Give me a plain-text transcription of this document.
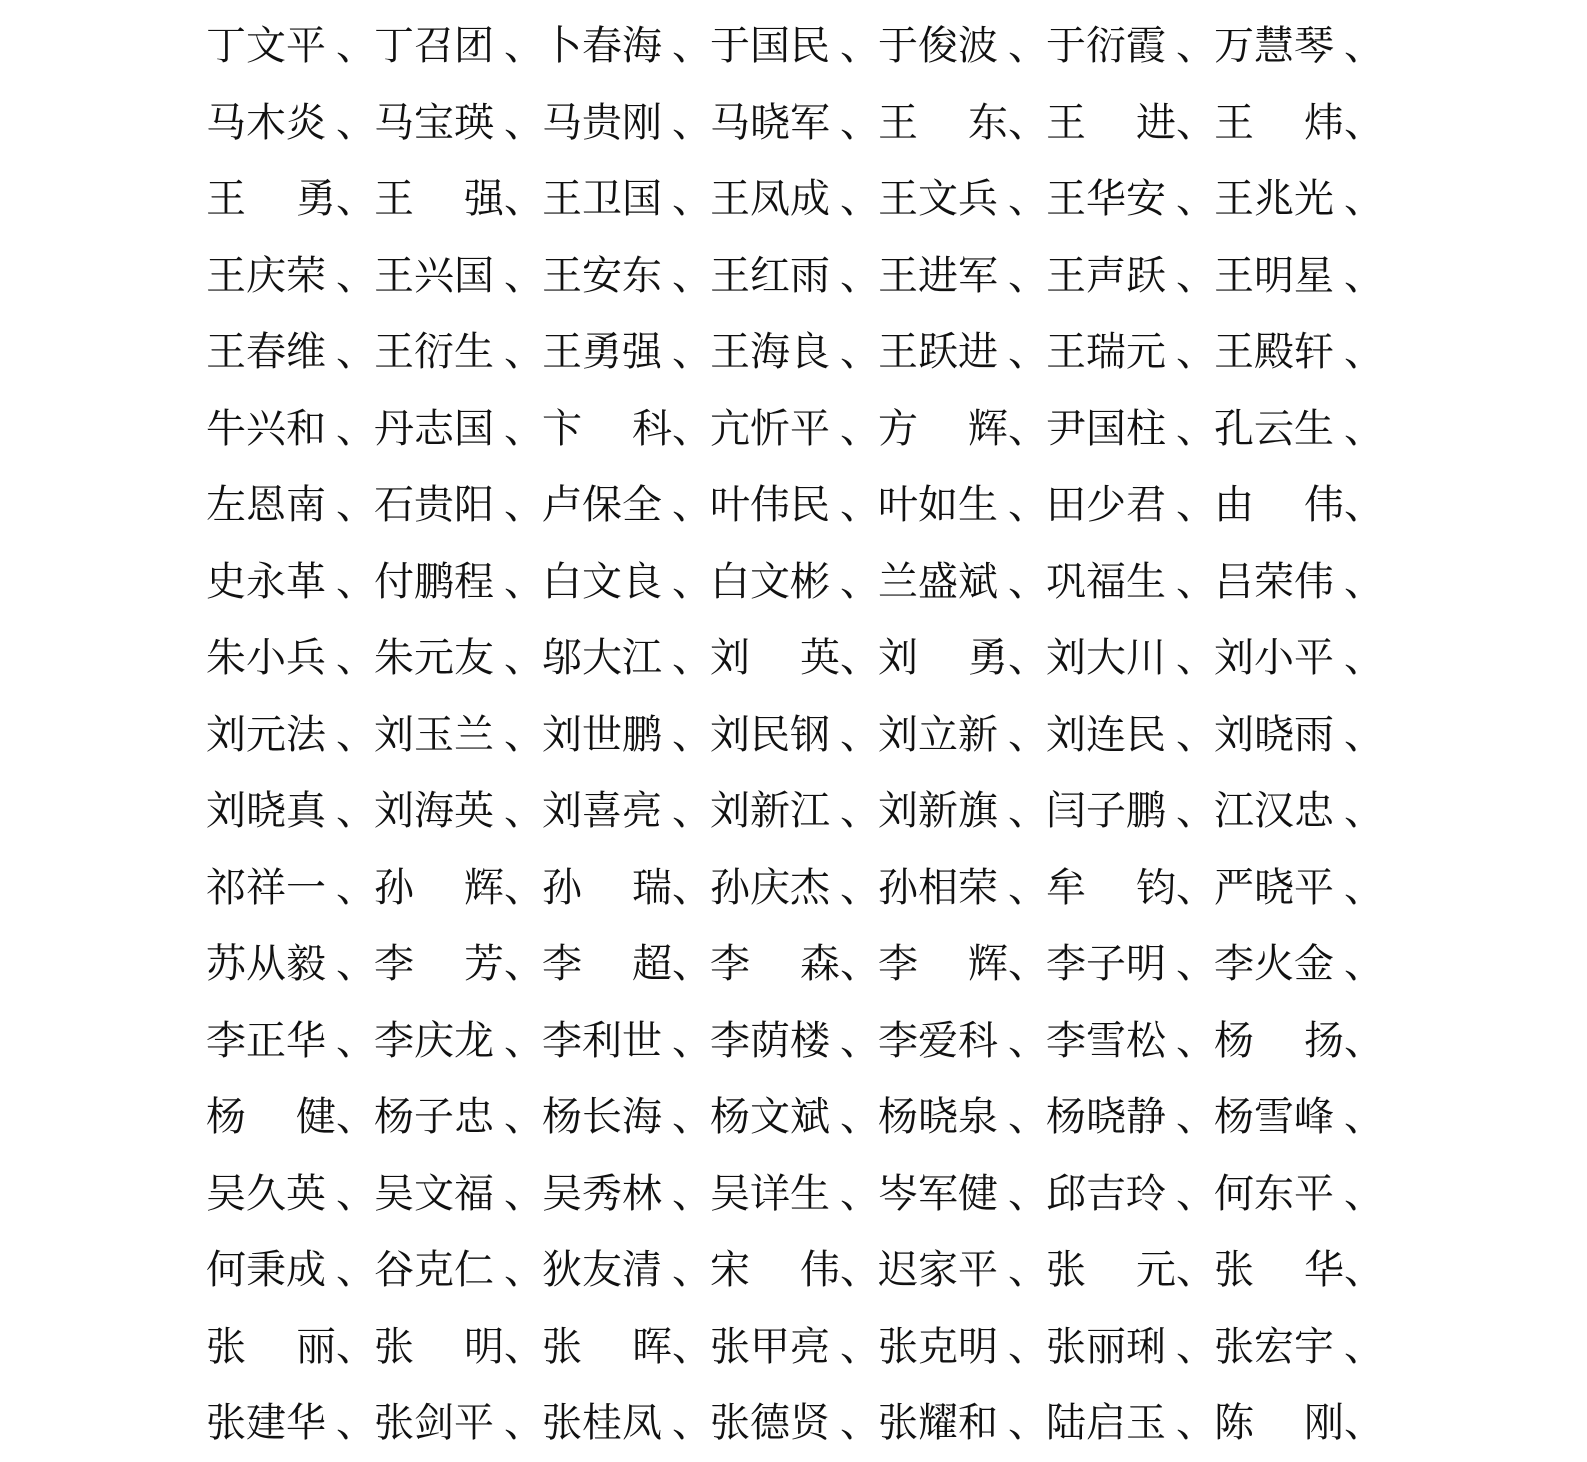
丁文平 、
丁召团 、
卜春海 、
于国民 、
于俊波 、
于衍霞 、
万慧琴 、
马木炎 、
马宝瑛 、
马贵刚 、
马晓军 、
王 东 、
王 进 、
王 炜 、
王 勇 、
王 强 、
王卫国 、
王凤成 、
王文兵 、
王华安 、
王兆光 、
王庆荣 、
王兴国 、
王安东 、
王红雨 、
王进军 、
王声跃 、
王明星 、
王春维 、
王衍生 、
王勇强 、
王海良 、
王跃进 、
王瑞元 、
王殿轩 、
牛兴和 、
丹志国 、
卞 科 、
亢忻平 、
方 辉 、
尹国柱 、
孔云生 、
左恩南 、
石贵阳 、
卢保全 、
叶伟民 、
叶如生 、
田少君 、
由 伟 、
史永革 、
付鹏程 、
白文良 、
白文彬 、
兰盛斌 、
巩福生 、
吕荣伟 、
朱小兵 、
朱元友 、
邬大江 、
刘 英 、
刘 勇 、
刘大川 、
刘小平 、
刘元法 、
刘玉兰 、
刘世鹏 、
刘民钢 、
刘立新 、
刘连民 、
刘晓雨 、
刘晓真 、
刘海英 、
刘喜亮 、
刘新江 、
刘新旗 、
闫子鹏 、
江汉忠 、
祁祥一 、
孙 辉 、
孙 瑞 、
孙庆杰 、
孙相荣 、
牟 钧 、
严晓平 、
苏从毅 、
李 芳 、
李 超 、
李 森 、
李 辉 、
李子明 、
李火金 、
李正华 、
李庆龙 、
李利世 、
李荫楼 、
李爱科 、
李雪松 、
杨 扬 、
杨 健 、
杨子忠 、
杨长海 、
杨文斌 、
杨晓泉 、
杨晓静 、
杨雪峰 、
吴久英 、
吴文福 、
吴秀林 、
吴详生 、
岑军健 、
邱吉玲 、
何东平 、
何秉成 、
谷克仁 、
狄友清 、
宋 伟 、
迟家平 、
张 元 、
张 华 、
张 丽 、
张 明 、
张 晖 、
张甲亮 、
张克明 、
张丽琍 、
张宏宇 、
张建华 、
张剑平 、
张桂凤 、
张德贤 、
张耀和 、
陆启玉 、
陈 刚 、
